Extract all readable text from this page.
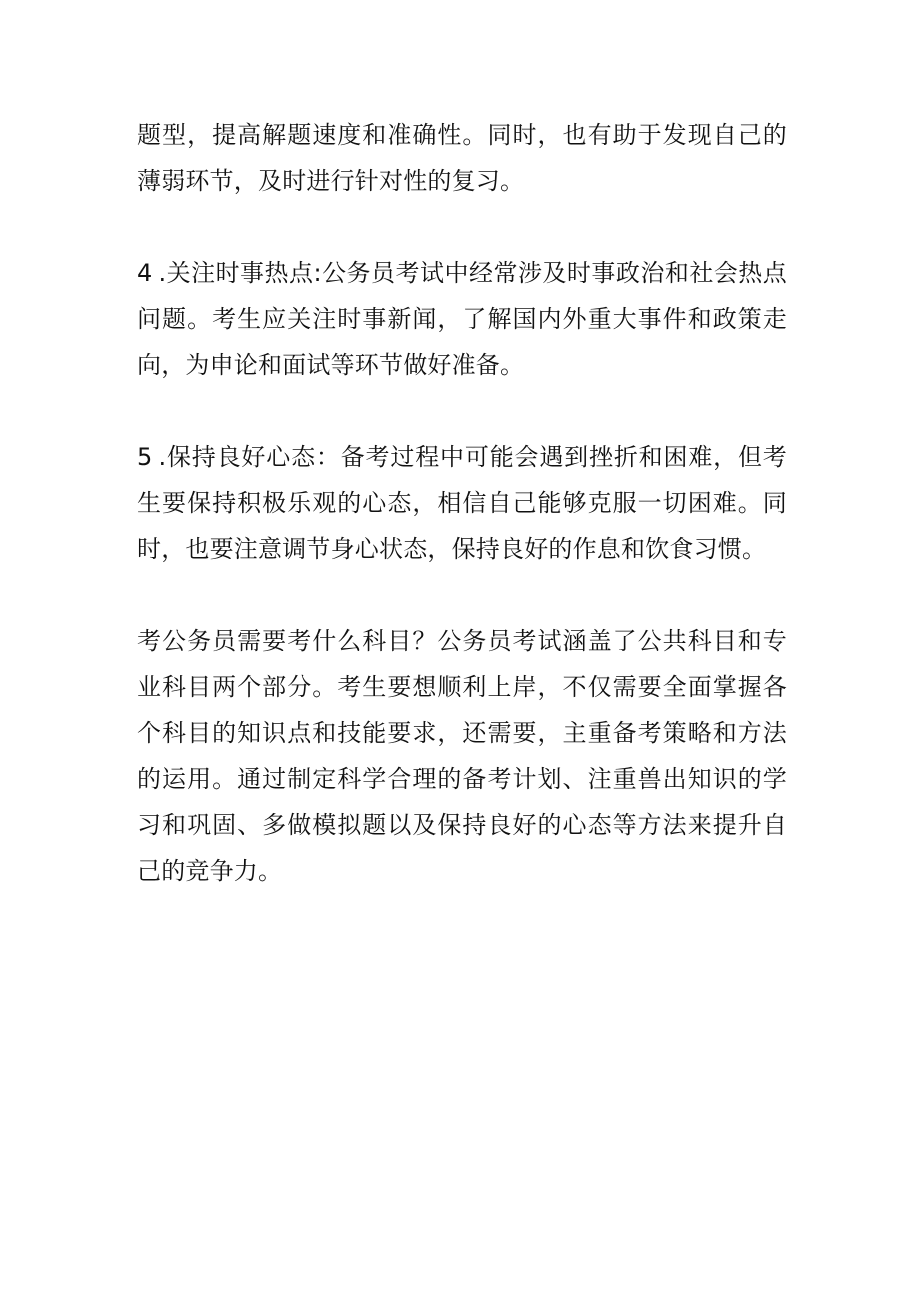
题型，提高解题速度和准确性。同时，也有助于发现自己的薄弱环节，及时进行针对性的复习。

4 .关注时事热点:公务员考试中经常涉及时事政治和社会热点问题。考生应关注时事新闻，了解国内外重大事件和政策走向，为申论和面试等环节做好准备。

5 .保持良好心态：备考过程中可能会遇到挫折和困难，但考生要保持积极乐观的心态，相信自己能够克服一切困难。同时，也要注意调节身心状态，保持良好的作息和饮食习惯。

考公务员需要考什么科目？公务员考试涵盖了公共科目和专业科目两个部分。考生要想顺利上岸，不仅需要全面掌握各个科目的知识点和技能要求，还需要，主重备考策略和方法的运用。通过制定科学合理的备考计划、注重兽出知识的学习和巩固、多做模拟题以及保持良好的心态等方法来提升自己的竞争力。
